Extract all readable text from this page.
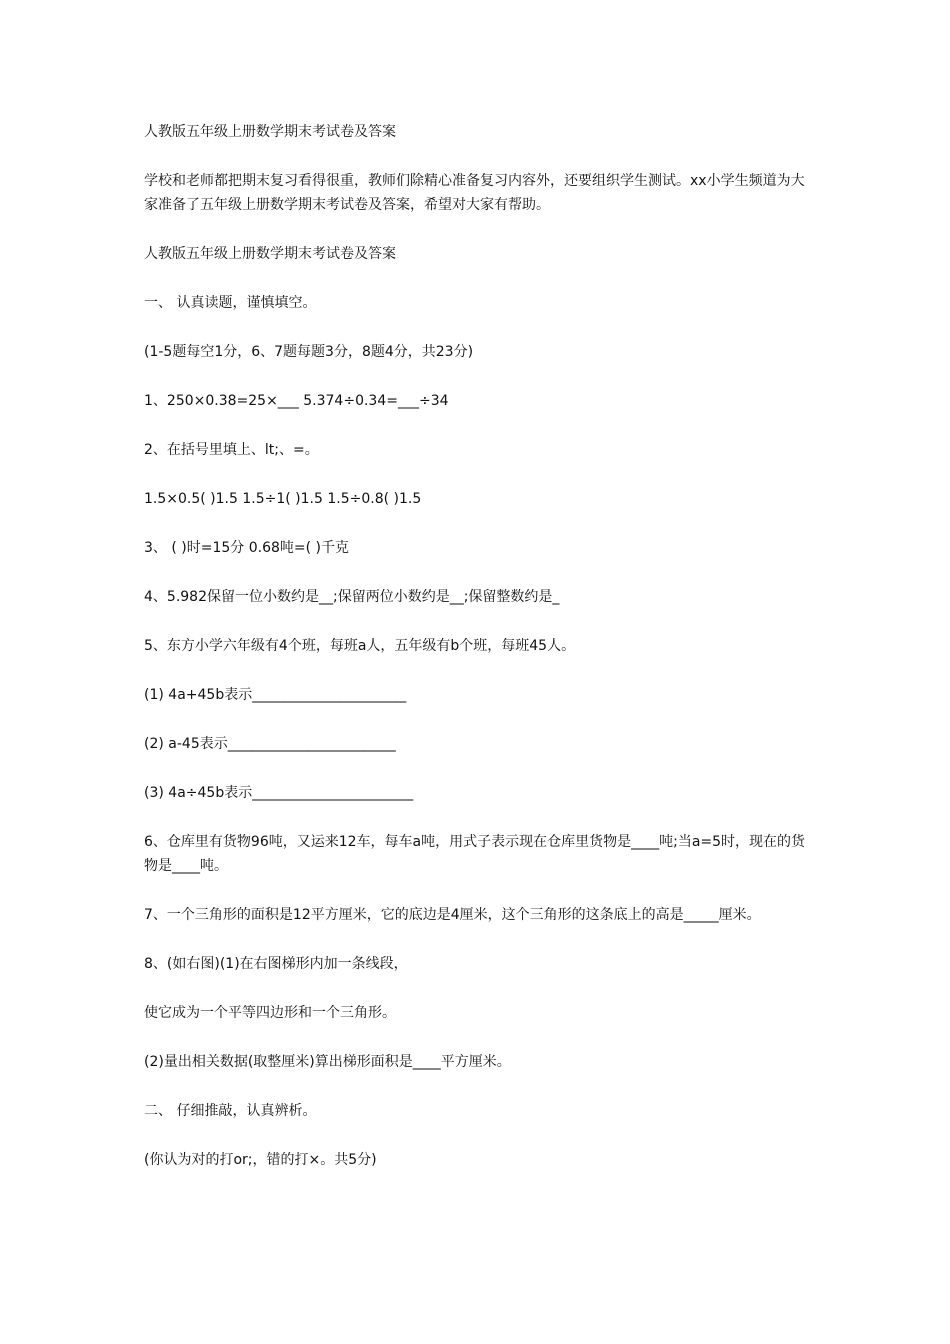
人教版五年级上册数学期末考试卷及答案

学校和老师都把期末复习看得很重，教师们除精心准备复习内容外，还要组织学生测试。xx小学生频道为大家准备了五年级上册数学期末考试卷及答案，希望对大家有帮助。

人教版五年级上册数学期末考试卷及答案

一、 认真读题，谨慎填空。

(1-5题每空1分，6、7题每题3分，8题4分，共23分)

1、250×0.38=25×___ 5.374÷0.34=___÷34

2、在括号里填上、lt;、=。

1.5×0.5( )1.5 1.5÷1( )1.5 1.5÷0.8( )1.5

3、 ( )时=15分 0.68吨=( )千克

4、5.982保留一位小数约是__;保留两位小数约是__;保留整数约是_

5、东方小学六年级有4个班，每班a人，五年级有b个班，每班45人。

(1) 4a+45b表示______________________

(2) a-45表示________________________

(3) 4a÷45b表示_______________________

6、仓库里有货物96吨，又运来12车，每车a吨，用式子表示现在仓库里货物是____吨;当a=5时，现在的货物是____吨。

7、一个三角形的面积是12平方厘米，它的底边是4厘米，这个三角形的这条底上的高是_____厘米。

8、(如右图)(1)在右图梯形内加一条线段，

使它成为一个平等四边形和一个三角形。

(2)量出相关数据(取整厘米)算出梯形面积是____平方厘米。

二、 仔细推敲，认真辨析。

(你认为对的打or;，错的打×。共5分)
